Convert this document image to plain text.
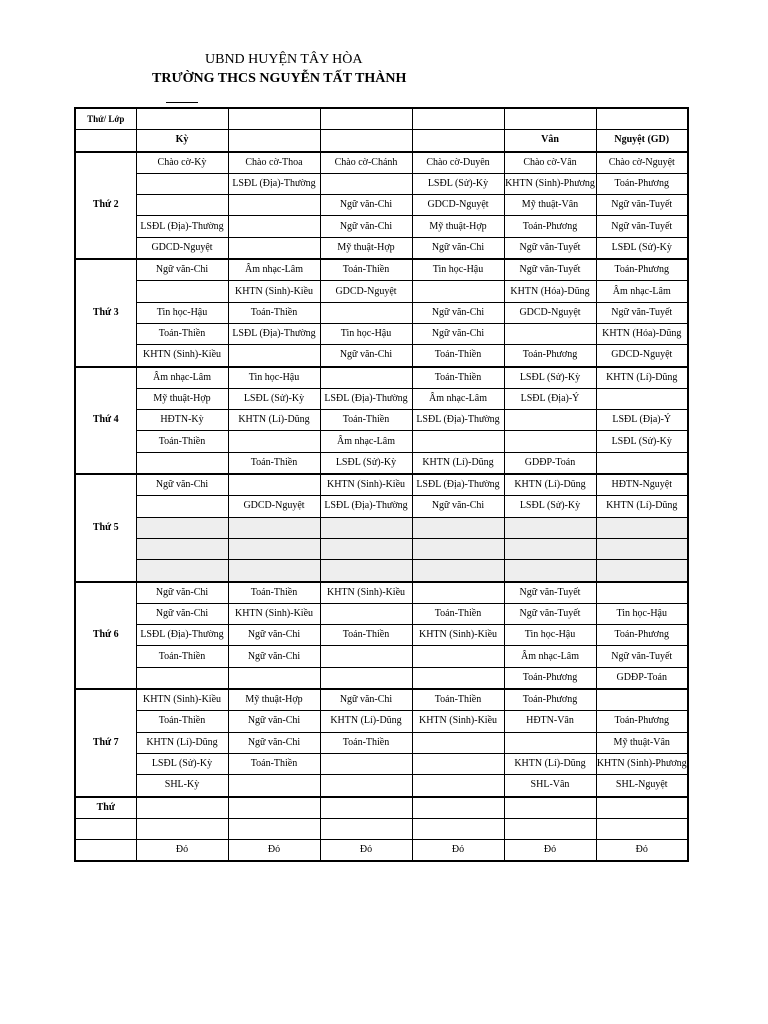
UBND HUYỆN TÂY HÒA
TRƯỜNG THCS NGUYỄN TẤT THÀNH
Thứ/ Lớp						
	Kỳ				Vân	Nguyệt (GD)
Thứ 2	Chào cờ-Kỳ	Chào cờ-Thoa	Chào cờ-Chánh	Chào cờ-Duyên	Chào cờ-Vân	Chào cờ-Nguyệt
		LSĐL (Địa)-Thường		LSĐL (Sử)-Kỳ	KHTN (Sinh)-Phương	Toán-Phương
			Ngữ văn-Chi	GDCD-Nguyệt	Mỹ thuật-Vân	Ngữ văn-Tuyết
	LSĐL (Địa)-Thường		Ngữ văn-Chi	Mỹ thuật-Hợp	Toán-Phương	Ngữ văn-Tuyết
	GDCD-Nguyệt		Mỹ thuật-Hợp	Ngữ văn-Chi	Ngữ văn-Tuyết	LSĐL (Sử)-Kỳ
Thứ 3	Ngữ văn-Chi	Âm nhạc-Lâm	Toán-Thiền	Tin học-Hậu	Ngữ văn-Tuyết	Toán-Phương
		KHTN (Sinh)-Kiều	GDCD-Nguyệt		KHTN (Hóa)-Dũng	Âm nhạc-Lâm
	Tin học-Hậu	Toán-Thiền		Ngữ văn-Chi	GDCD-Nguyệt	Ngữ văn-Tuyết
	Toán-Thiền	LSĐL (Địa)-Thường	Tin học-Hậu	Ngữ văn-Chi		KHTN (Hóa)-Dũng
	KHTN (Sinh)-Kiều		Ngữ văn-Chi	Toán-Thiền	Toán-Phương	GDCD-Nguyệt
Thứ 4	Âm nhạc-Lâm	Tin học-Hậu		Toán-Thiền	LSĐL (Sử)-Kỳ	KHTN (Lí)-Dũng
	Mỹ thuật-Hợp	LSĐL (Sử)-Kỳ	LSĐL (Địa)-Thường	Âm nhạc-Lâm	LSĐL (Địa)-Ý	
	HĐTN-Kỳ	KHTN (Lí)-Dũng	Toán-Thiền	LSĐL (Địa)-Thường		LSĐL (Địa)-Ý
	Toán-Thiền		Âm nhạc-Lâm			LSĐL (Sử)-Kỳ
		Toán-Thiền	LSĐL (Sử)-Kỳ	KHTN (Lí)-Dũng	GDĐP-Toán	
Thứ 5	Ngữ văn-Chi		KHTN (Sinh)-Kiều	LSĐL (Địa)-Thường	KHTN (Lí)-Dũng	HĐTN-Nguyệt
		GDCD-Nguyệt	LSĐL (Địa)-Thường	Ngữ văn-Chi	LSĐL (Sử)-Kỳ	KHTN (Lí)-Dũng

Thứ 6	Ngữ văn-Chi	Toán-Thiền	KHTN (Sinh)-Kiều		Ngữ văn-Tuyết	
	Ngữ văn-Chi	KHTN (Sinh)-Kiều		Toán-Thiền	Ngữ văn-Tuyết	Tin học-Hậu
	LSĐL (Địa)-Thường	Ngữ văn-Chi	Toán-Thiền	KHTN (Sinh)-Kiều	Tin học-Hậu	Toán-Phương
	Toán-Thiền	Ngữ văn-Chi			Âm nhạc-Lâm	Ngữ văn-Tuyết
					Toán-Phương	GDĐP-Toán
Thứ 7	KHTN (Sinh)-Kiều	Mỹ thuật-Hợp	Ngữ văn-Chi	Toán-Thiền	Toán-Phương	
	Toán-Thiền	Ngữ văn-Chi	KHTN (Lí)-Dũng	KHTN (Sinh)-Kiều	HĐTN-Vân	Toán-Phương
	KHTN (Lí)-Dũng	Ngữ văn-Chi	Toán-Thiền			Mỹ thuật-Vân
	LSĐL (Sử)-Kỳ	Toán-Thiền			KHTN (Lí)-Dũng	KHTN (Sinh)-Phương
	SHL-Kỳ				SHL-Vân	SHL-Nguyệt
Thứ						

	Đỏ	Đỏ	Đỏ	Đỏ	Đỏ	Đỏ
